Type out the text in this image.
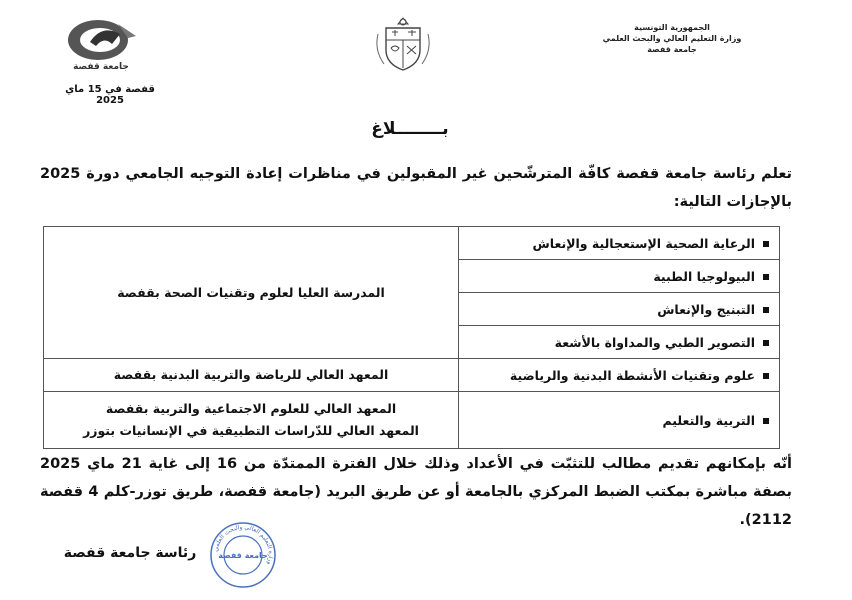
الجمهورية التونسية
وزارة التعليم العالي والبحث العلمي
جامعة قفصة
جامعة قفصة
قفصة في 15 ماي 2025
بــــــــلاغ
تعلم رئاسة جامعة قفصة كافّة المترشّحين غير المقبولين في مناظرات إعادة التوجيه الجامعي دورة 2025 بالإجازات التالية:
الرعاية الصحية الإستعجالية والإنعاش	المدرسة العليا لعلوم وتقنيات الصحة بقفصة
البيولوجيا الطبية	
التبنيج والإنعاش	
التصوير الطبي والمداواة بالأشعة	
علوم وتقنيات الأنشطة البدنية والرياضية	المعهد العالي للرياضة والتربية البدنية بقفصة
التربية والتعليم	المعهد العالي للعلوم الاجتماعية والتربية بقفصة
المعهد العالي للدّراسات التطبيقية في الإنسانيات بتوزر
أنّه بإمكانهم تقديم مطالب للتثبّت في الأعداد وذلك خلال الفترة الممتدّة من 16 إلى غاية 21 ماي 2025 بصفة مباشرة بمكتب الضبط المركزي بالجامعة أو عن طريق البريد (جامعة قفصة، طريق توزر-كلم 4 قفصة 2112).
رئاسة جامعة قفصة	وزارة التعليم العالي والبحث العلمي
جامعة قفصة
